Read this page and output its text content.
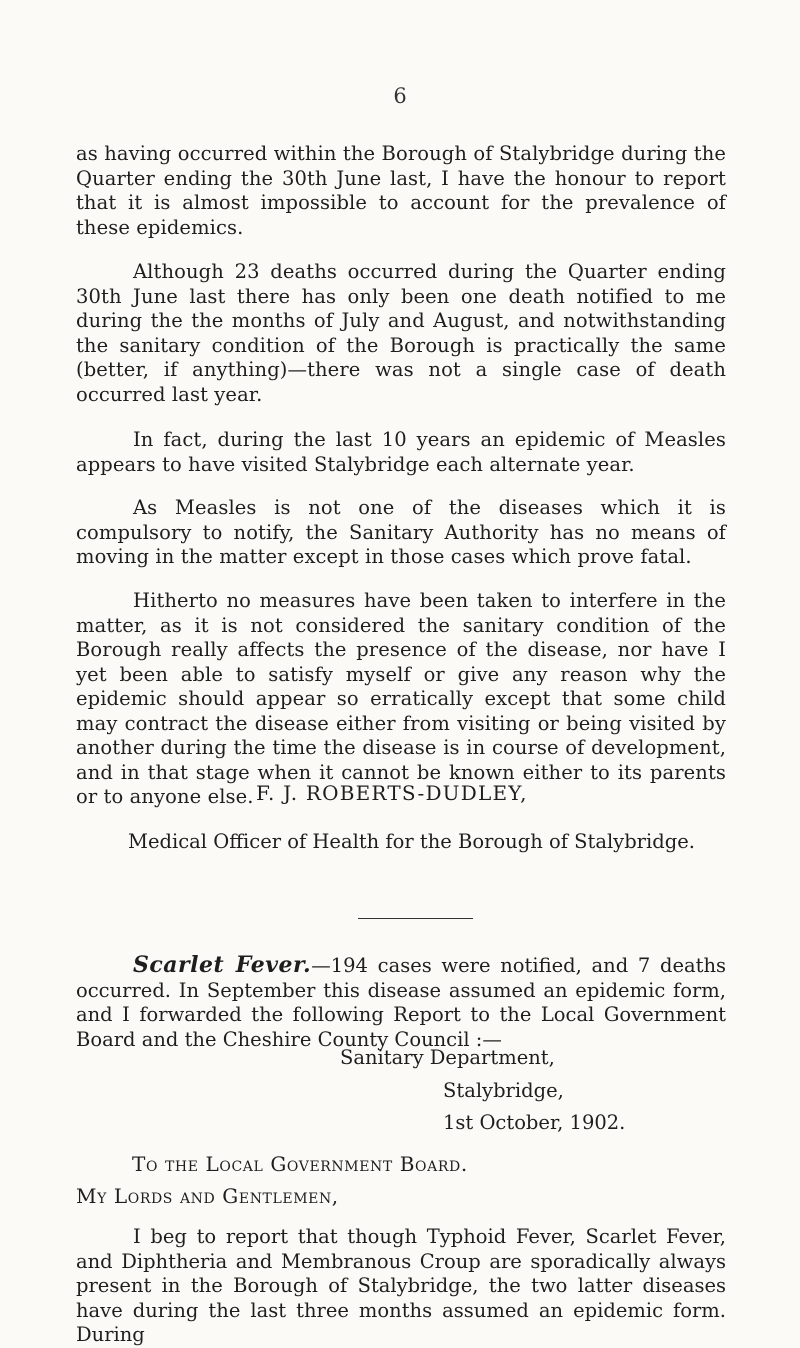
6

as having occurred within the Borough of Stalybridge during the Quarter ending the 30th June last, I have the honour to report that it is almost impossible to account for the prevalence of these epidemics.

Although 23 deaths occurred during the Quarter ending 30th June last there has only been one death notified to me during the the months of July and August, and notwithstanding the sanitary condition of the Borough is practically the same (better, if anything)—there was not a single case of death occurred last year.

In fact, during the last 10 years an epidemic of Measles appears to have visited Stalybridge each alternate year.

As Measles is not one of the diseases which it is compulsory to notify, the Sanitary Authority has no means of moving in the matter except in those cases which prove fatal.

Hitherto no measures have been taken to interfere in the matter, as it is not considered the sanitary condition of the Borough really affects the presence of the disease, nor have I yet been able to satisfy myself or give any reason why the epidemic should appear so erratically except that some child may contract the disease either from visiting or being visited by another during the time the disease is in course of development, and in that stage when it cannot be known either to its parents or to anyone else. F. J. ROBERTS-DUDLEY,
Medical Officer of Health for the Borough of Stalybridge.
Scarlet Fever.—194 cases were notified, and 7 deaths occurred. In September this disease assumed an epidemic form, and I forwarded the following Report to the Local Government Board and the Cheshire County Council :—
Sanitary Department,
Stalybridge,
1st October, 1902.
To the Local Government Board.
My Lords and Gentlemen,

I beg to report that though Typhoid Fever, Scarlet Fever, and Diphtheria and Membranous Croup are sporadically always present in the Borough of Stalybridge, the two latter diseases have during the last three months assumed an epidemic form. During
